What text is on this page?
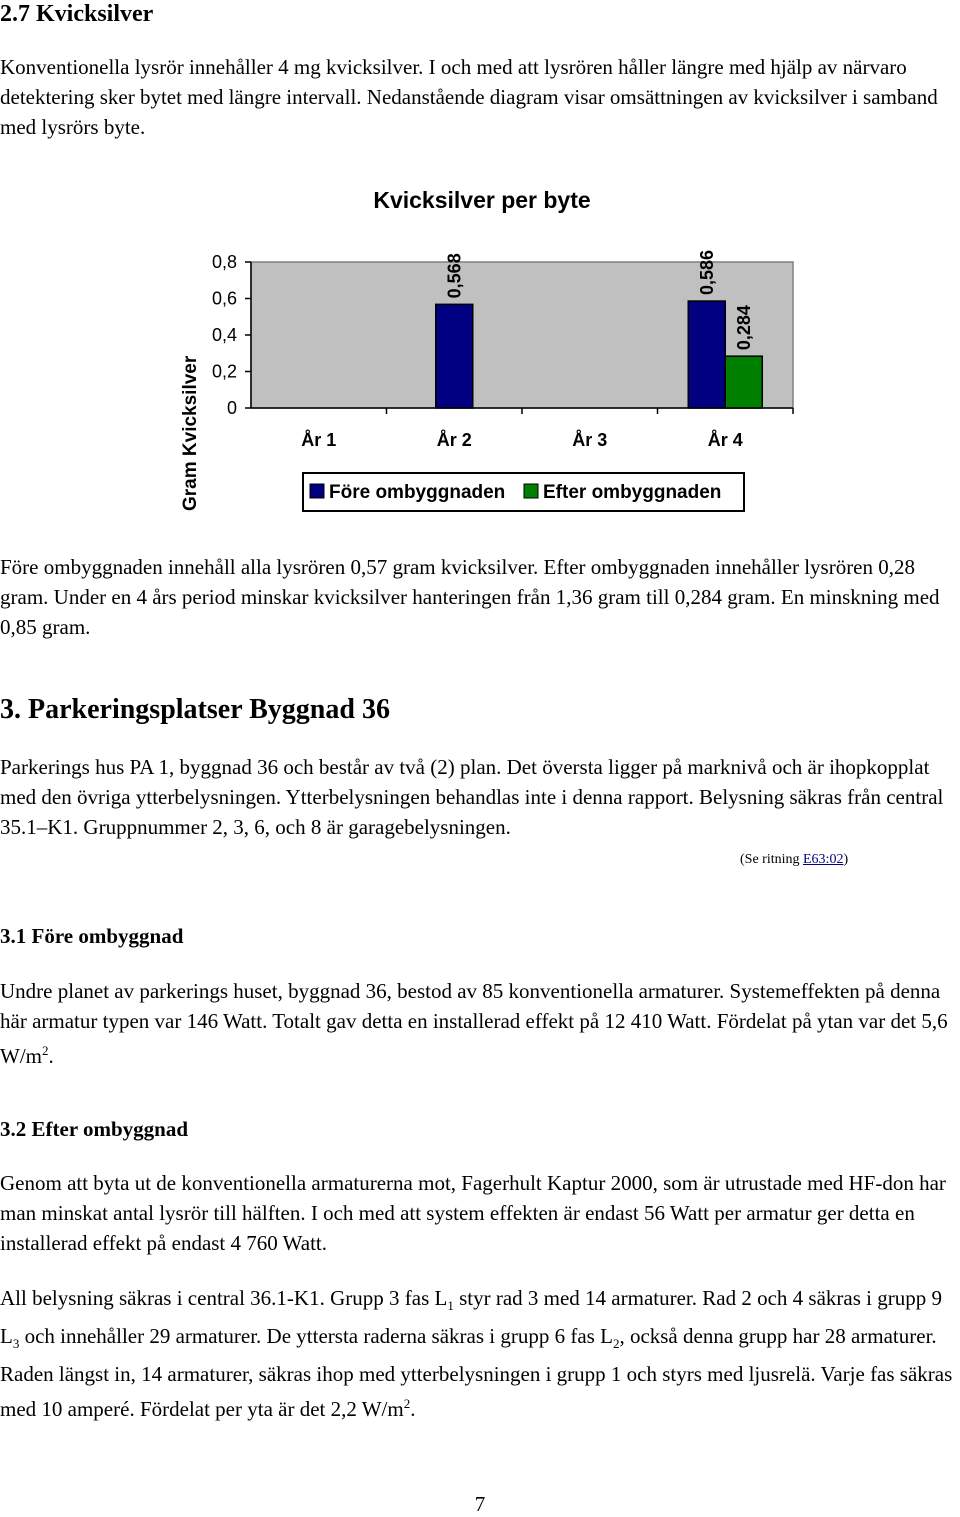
2.7 Kvicksilver

Konventionella lysrör innehåller 4 mg kvicksilver. I och med att lysrören håller längre med hjälp av närvaro detektering sker bytet med längre intervall. Nedanstående diagram visar omsättningen av kvicksilver i samband med lysrörs byte.

Kvicksilver per byte
Gram Kvicksilver
0,8
0,6
0,4
0,2
0
År 1	År 2	År 3	År 4
0,568	0,586
0,284
Före ombyggnaden Efter ombyggnaden

Före ombyggnaden innehåll alla lysrören 0,57 gram kvicksilver. Efter ombyggnaden innehåller lysrören 0,28 gram. Under en 4 års period minskar kvicksilver hanteringen från 1,36 gram till 0,284 gram. En minskning med 0,85 gram.

3. Parkeringsplatser Byggnad 36

Parkerings hus PA 1, byggnad 36 och består av två (2) plan. Det översta ligger på marknivå och är ihopkopplat med den övriga ytterbelysningen. Ytterbelysningen behandlas inte i denna rapport. Belysning säkras från central 35.1–K1. Gruppnummer 2, 3, 6, och 8 är garagebelysningen.

(Se ritning E63:02)
3.1 Före ombyggnad

Undre planet av parkerings huset, byggnad 36, bestod av 85 konventionella armaturer. Systemeffekten på denna här armatur typen var 146 Watt. Totalt gav detta en installerad effekt på 12 410 Watt. Fördelat på ytan var det 5,6 $W/m^2$.

3.2 Efter ombyggnad

Genom att byta ut de konventionella armaturerna mot, Fagerhult Kaptur 2000, som är utrustade med HF-don har man minskat antal lysrör till hälften. I och med att system effekten är endast 56 Watt per armatur ger detta en installerad effekt på endast 4 760 Watt.

All belysning säkras i central 36.1-K1. Grupp 3 fas $L_1$ styr rad 3 med 14 armaturer. Rad 2 och 4 säkras i grupp 9 $L_3$ och innehåller 29 armaturer. De yttersta raderna säkras i grupp 6 fas $L_2$, också denna grupp har 28 armaturer. Raden längst in, 14 armaturer, säkras ihop med ytterbelysningen i grupp 1 och styrs med ljusrelä. Varje fas säkras med 10 amperé. Fördelat per yta är det 2,2 $W/m^2$.

7
